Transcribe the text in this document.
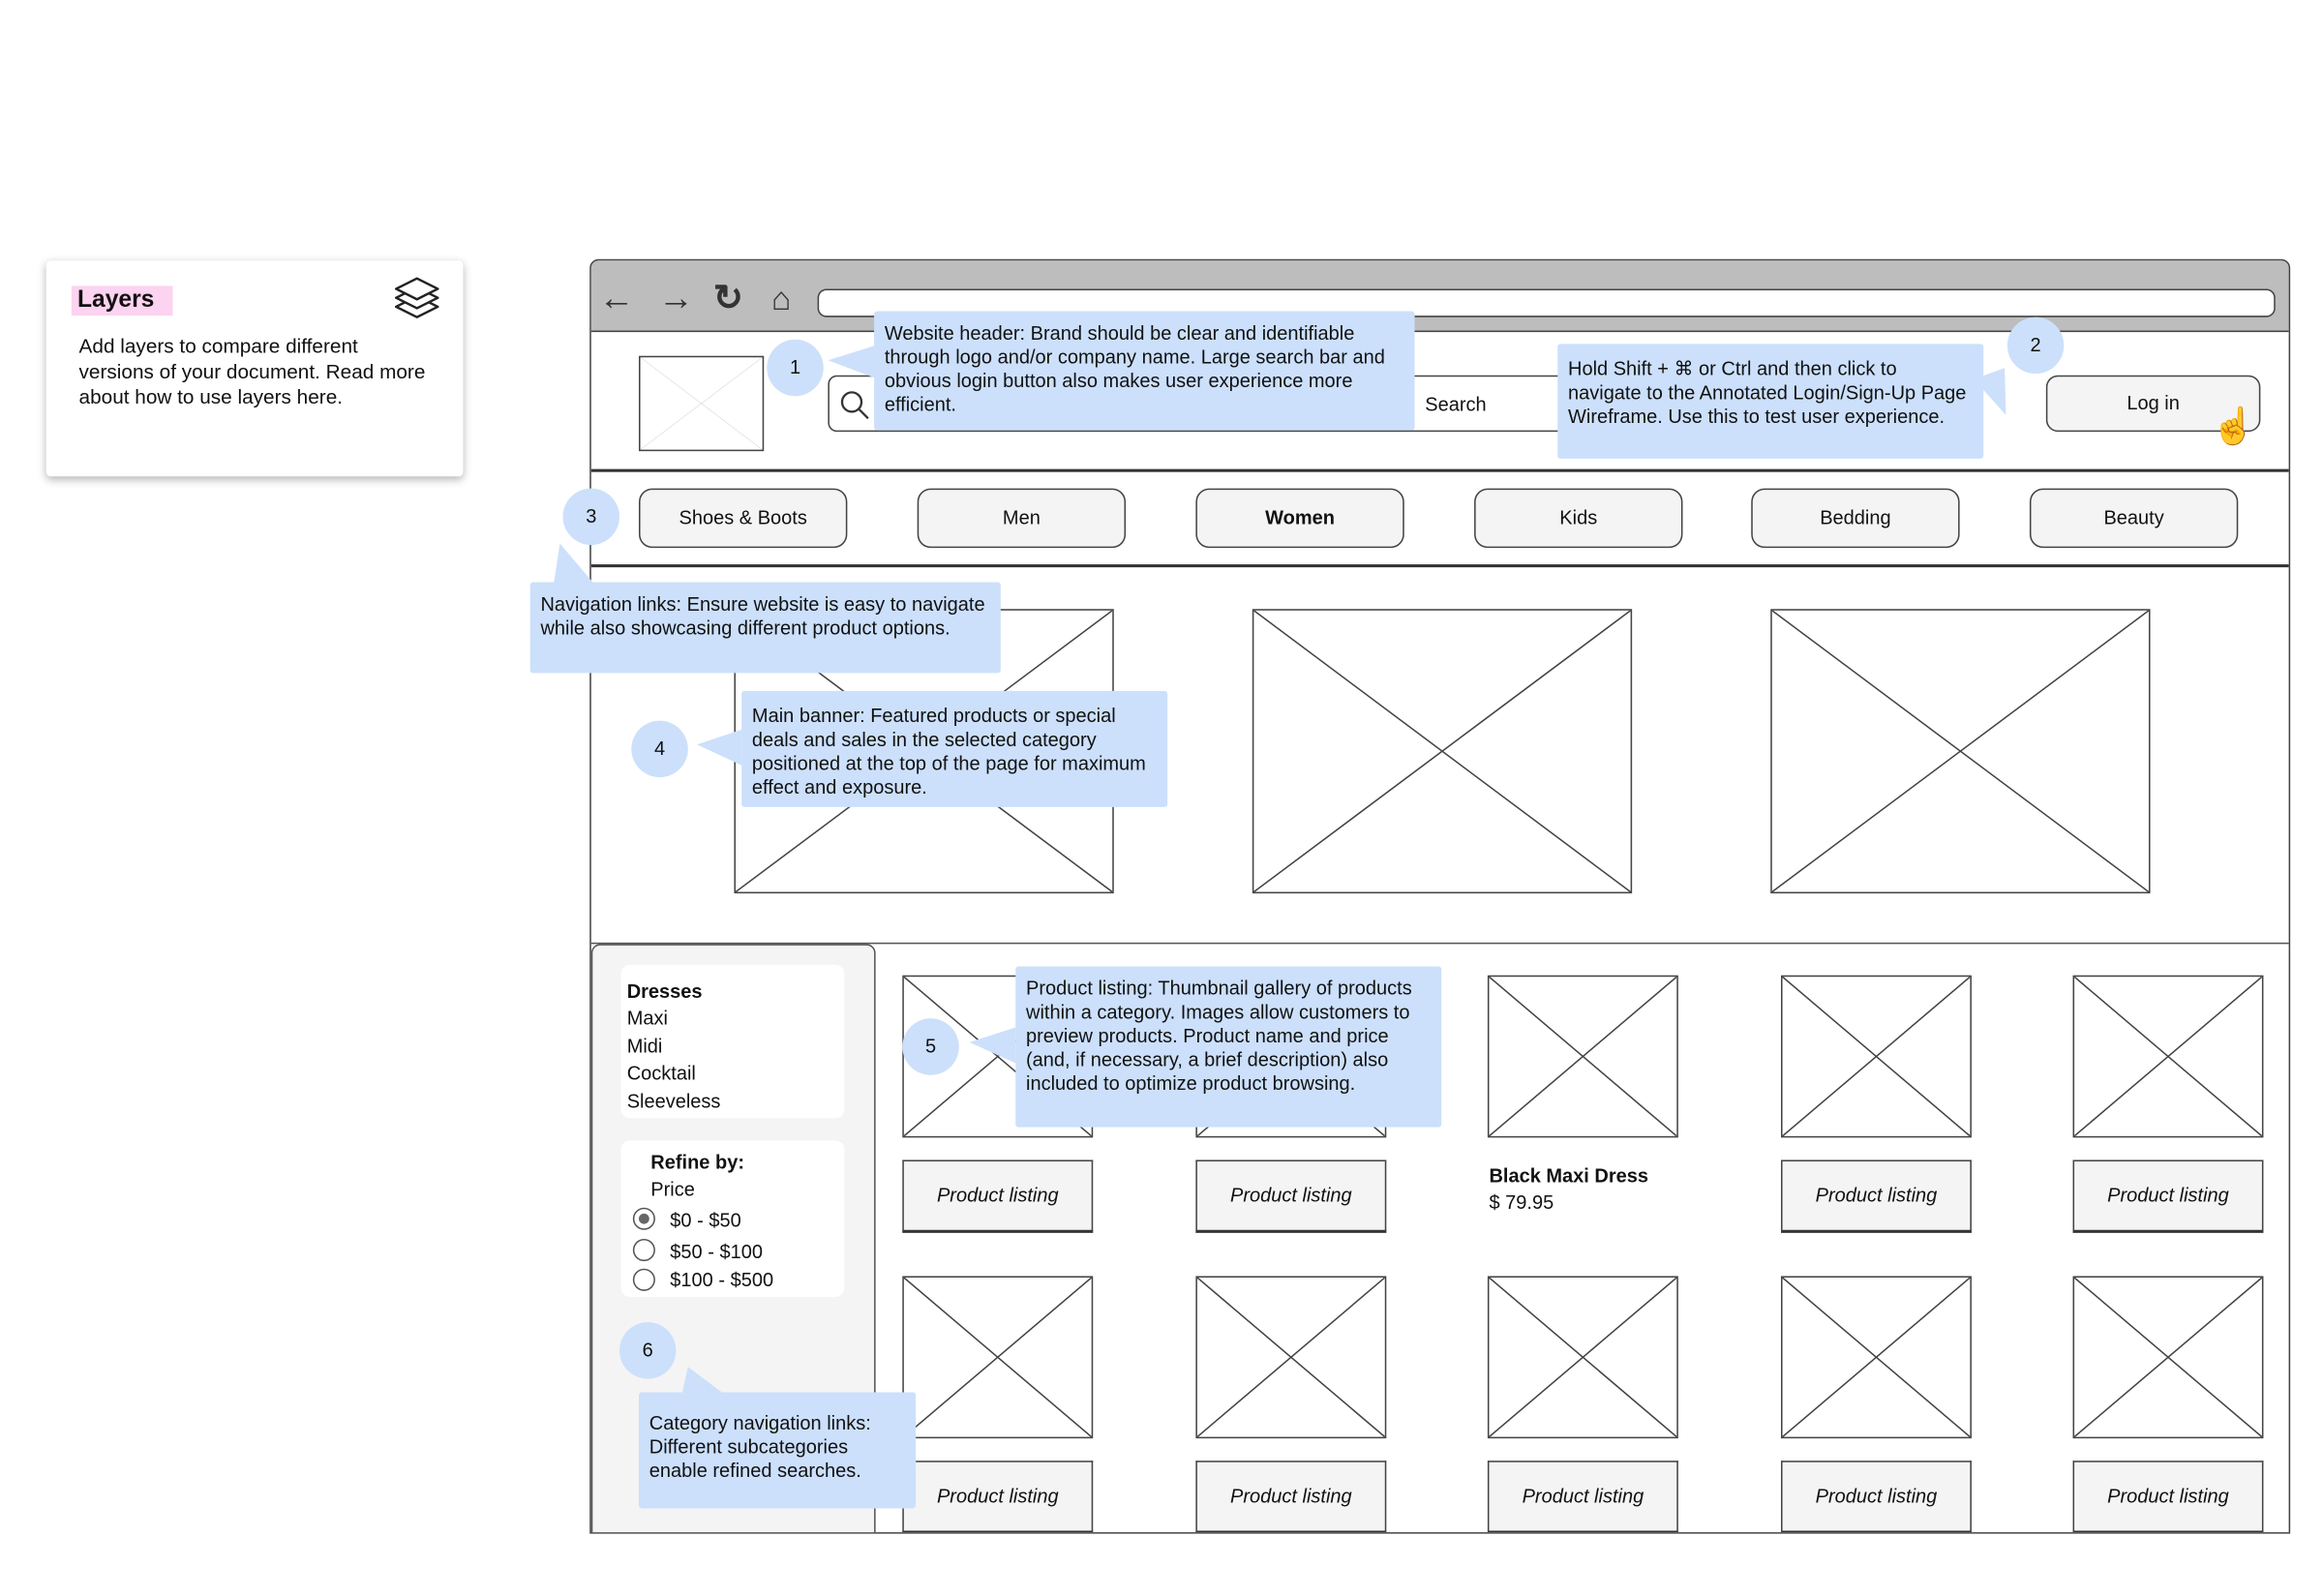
Layers
Add layers to compare different versions of your document. Read more about how to use layers here.
← → ↻ ⌂
Search	Log in
☝
Shoes & Boots	Men	Women	Kids	Bedding	Beauty
Dresses
Maxi
Midi
Cocktail
Sleeveless
Refine by:
Price
$0 - $50
$50 - $100
$100 - $500
Product listing	Product listing
Black Maxi Dress
$ 79.95	Product listing	Product listing
Product listing	Product listing	Product listing	Product listing	Product listing
1
Website header: Brand should be clear and identifiable through logo and/or company name. Large search bar and obvious login button also makes user experience more efficient.
2
Hold Shift + ⌘ or Ctrl and then click to navigate to the Annotated Login/Sign-Up Page Wireframe. Use this to test user experience.
3
Navigation links: Ensure website is easy to navigate while also showcasing different product options.
4
Main banner: Featured products or special deals and sales in the selected category positioned at the top of the page for maximum effect and exposure.
5
Product listing: Thumbnail gallery of products within a category. Images allow customers to preview products. Product name and price (and, if necessary, a brief description) also included to optimize product browsing.
6
Category navigation links: Different subcategories enable refined searches.
